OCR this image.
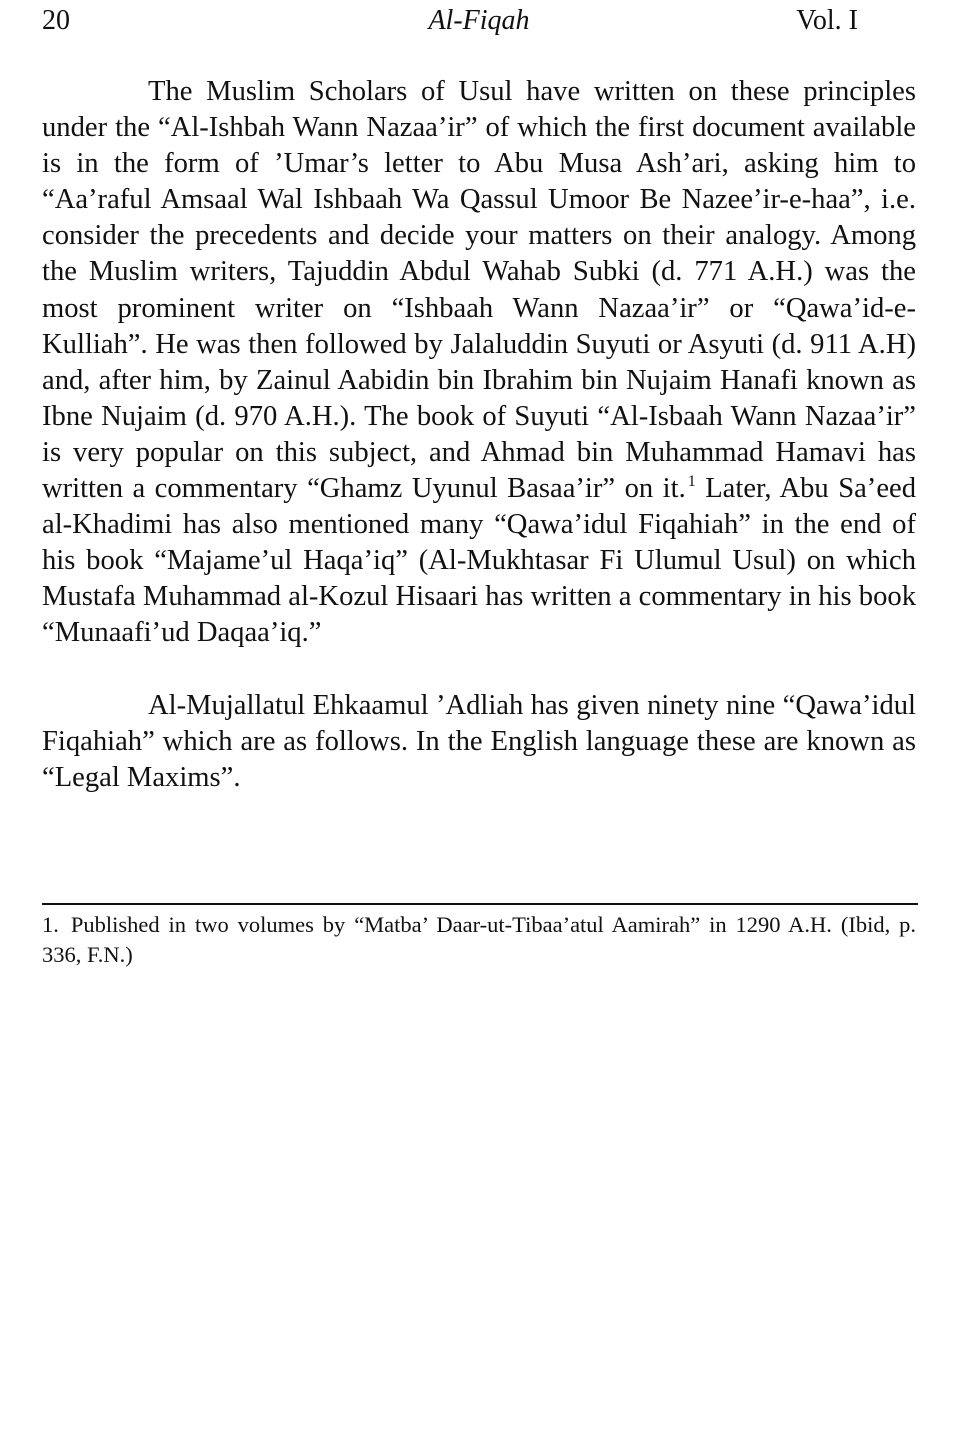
20	Al-Fiqah	Vol. I

The Muslim Scholars of Usul have written on these principles under the “Al-Ishbah Wann Nazaa’ir” of which the first document available is in the form of ’Umar’s letter to Abu Musa Ash’ari, asking him to “Aa’raful Amsaal Wal Ishbaah Wa Qassul Umoor Be Nazee’ir-e-haa”, i.e. consider the precedents and decide your matters on their analogy. Among the Muslim writers, Tajuddin Abdul Wahab Subki (d. 771 A.H.) was the most prominent writer on “Ishbaah Wann Nazaa’ir” or “Qawa’id-e-Kulliah”. He was then followed by Jalaluddin Suyuti or Asyuti (d. 911 A.H) and, after him, by Zainul Aabidin bin Ibrahim bin Nujaim Hanafi known as Ibne Nujaim (d. 970 A.H.). The book of Suyuti “Al-Isbaah Wann Nazaa’ir” is very popular on this subject, and Ahmad bin Muhammad Hamavi has written a commentary “Ghamz Uyunul Basaa’ir” on it. $^1$ Later, Abu Sa’eed al-Khadimi has also mentioned many “Qawa’idul Fiqahiah” in the end of his book “Majame’ul Haqa’iq” (Al-Mukhtasar Fi Ulumul Usul) on which Mustafa Muhammad al-Kozul Hisaari has written a commentary in his book “Munaafi’ud Daqaa’iq.”

Al-Mujallatul Ehkaamul ’Adliah has given ninety nine “Qawa’idul Fiqahiah” which are as follows. In the English language these are known as “Legal Maxims”.

1. Published in two volumes by “Matba’ Daar-ut-Tibaa’atul Aamirah” in 1290 A.H. (Ibid, p. 336, F.N.)
